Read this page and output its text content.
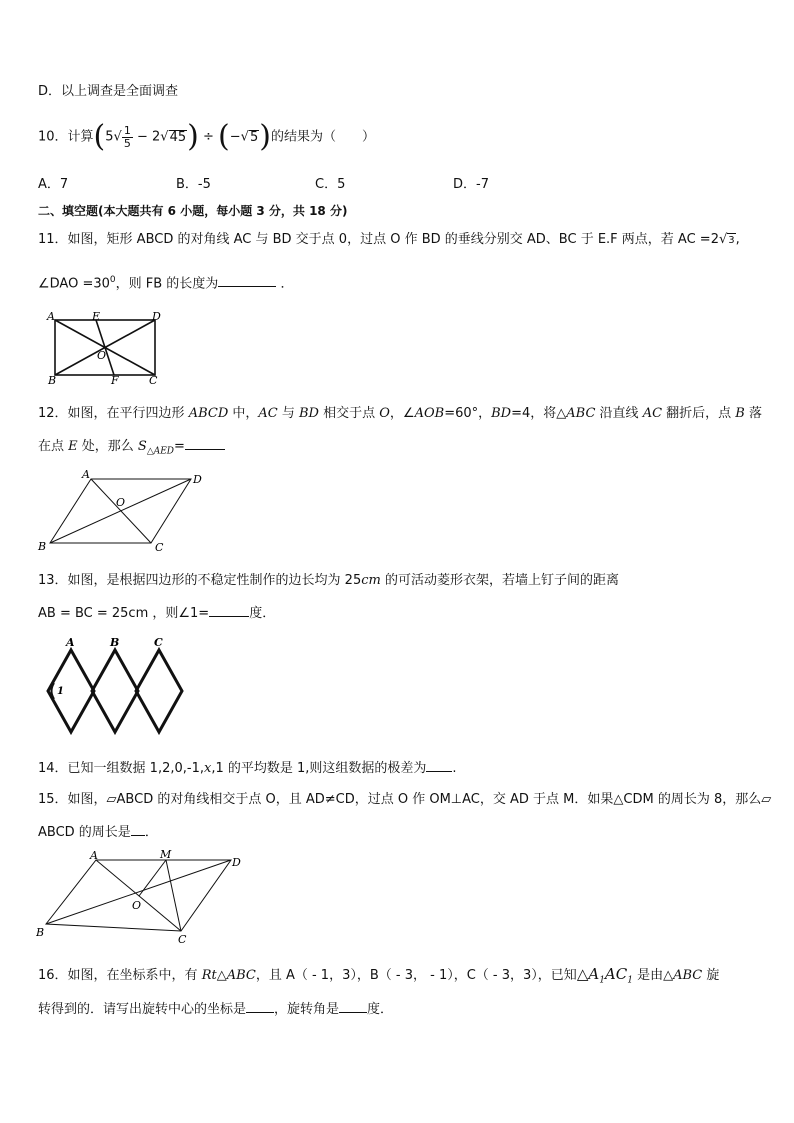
D．以上调查是全面调查
10．计算$(5√ \frac{1}{5} - 2√45) \div (-√5)$的结果为（　　）
A．7	B．-5	C．5	D．-7
二、填空题(本大题共有 6 小题，每小题 3 分，共 18 分)
11．如图，矩形 ABCD 的对角线 AC 与 BD 交于点 0，过点 O 作 BD 的垂线分别交 AD、BC 于 E.F 两点，若 AC =2√3,
∠DAO $=30^0$，则 FB 的长度为	．
A	E	D
O
B	F	C
12．如图，在平行四边形 ABCD 中，AC 与 BD 相交于点 O，∠AOB=60°，BD=4，将△ABC 沿直线 AC 翻折后，点 B 落
在点 E 处，那么 $S_{\triangle AED}=$
A	D
O
B	C
13．如图，是根据四边形的不稳定性制作的边长均为 25cm 的可活动菱形衣架，若墙上钉子间的距离
AB = BC = 25cm ，则∠1=	度．
A	B	C
1
14．已知一组数据 1,2,0,-1,x,1 的平均数是 1,则这组数据的极差为 .
15．如图，▱ABCD 的对角线相交于点 O，且 AD≠CD，过点 O 作 OM⊥AC，交 AD 于点 M．如果△CDM 的周长为 8，那么▱
ABCD 的周长是 ．
A	M
D
O
B
C
16．如图，在坐标系中，有 Rt△ABC，且 A（ - 1，3），B（ - 3， - 1），C（ - 3，3），已知$\triangle A_1AC_1$ 是由△ABC 旋
转得到的．请写出旋转中心的坐标是 ，旋转角是 度．
